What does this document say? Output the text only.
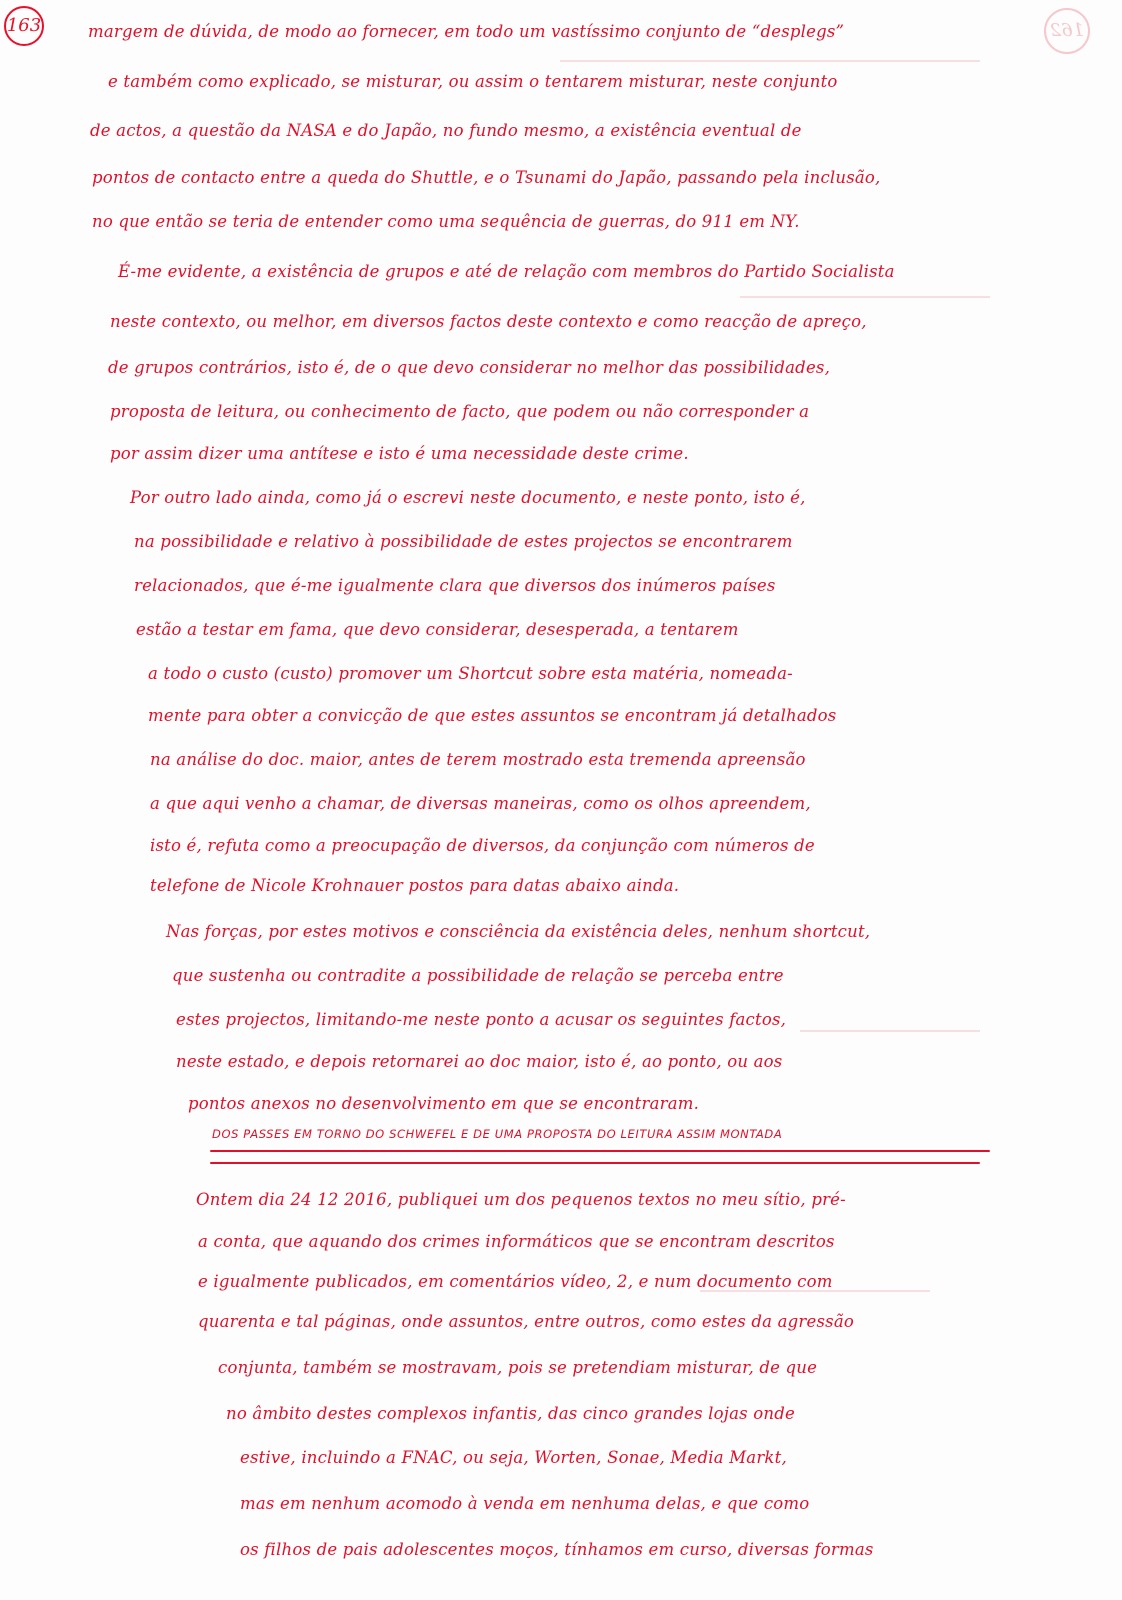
163	162
margem de dúvida, de modo ao fornecer, em todo um vastíssimo conjunto de “desplegs”
e também como explicado, se misturar, ou assim o tentarem misturar, neste conjunto
de actos, a questão da NASA e do Japão, no fundo mesmo, a existência eventual de
pontos de contacto entre a queda do Shuttle, e o Tsunami do Japão, passando pela inclusão,
no que então se teria de entender como uma sequência de guerras, do 911 em NY.
É-me evidente, a existência de grupos e até de relação com membros do Partido Socialista
neste contexto, ou melhor, em diversos factos deste contexto e como reacção de apreço,
de grupos contrários, isto é, de o que devo considerar no melhor das possibilidades,
proposta de leitura, ou conhecimento de facto, que podem ou não corresponder a
por assim dizer uma antítese e isto é uma necessidade deste crime.
Por outro lado ainda, como já o escrevi neste documento, e neste ponto, isto é,
na possibilidade e relativo à possibilidade de estes projectos se encontrarem
relacionados, que é-me igualmente clara que diversos dos inúmeros países
estão a testar em fama, que devo considerar, desesperada, a tentarem
a todo o custo (custo) promover um Shortcut sobre esta matéria, nomeada-
mente para obter a convicção de que estes assuntos se encontram já detalhados
na análise do doc. maior, antes de terem mostrado esta tremenda apreensão
a que aqui venho a chamar, de diversas maneiras, como os olhos apreendem,
isto é, refuta como a preocupação de diversos, da conjunção com números de
telefone de Nicole Krohnauer postos para datas abaixo ainda.
Nas forças, por estes motivos e consciência da existência deles, nenhum shortcut,
que sustenha ou contradite a possibilidade de relação se perceba entre
estes projectos, limitando-me neste ponto a acusar os seguintes factos,
neste estado, e depois retornarei ao doc maior, isto é, ao ponto, ou aos
pontos anexos no desenvolvimento em que se encontraram.
DOS PASSES EM TORNO DO SCHWEFEL E DE UMA PROPOSTA DO LEITURA ASSIM MONTADA
Ontem dia 24 12 2016, publiquei um dos pequenos textos no meu sítio, pré-
a conta, que aquando dos crimes informáticos que se encontram descritos
e igualmente publicados, em comentários vídeo, 2, e num documento com
quarenta e tal páginas, onde assuntos, entre outros, como estes da agressão
conjunta, também se mostravam, pois se pretendiam misturar, de que
no âmbito destes complexos infantis, das cinco grandes lojas onde
estive, incluindo a FNAC, ou seja, Worten, Sonae, Media Markt,
mas em nenhum acomodo à venda em nenhuma delas, e que como
os filhos de pais adolescentes moços, tínhamos em curso, diversas formas
